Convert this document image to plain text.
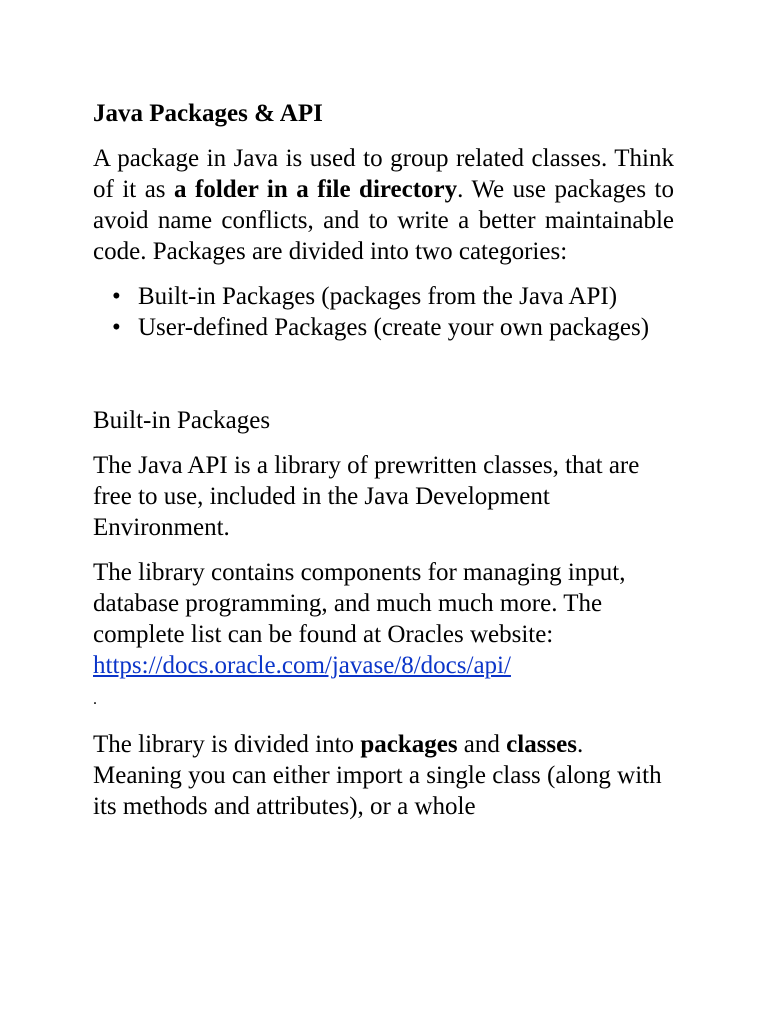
Java Packages & API

A package in Java is used to group related classes. Think of it as a folder in a file directory. We use packages to avoid name conflicts, and to write a better maintainable code. Packages are divided into two categories:

• Built-in Packages (packages from the Java API)
• User-defined Packages (create your own packages)
Built-in Packages

The Java API is a library of prewritten classes, that are free to use, included in the Java Development Environment.

The library contains components for managing input, database programming, and much much more. The complete list can be found at Oracles website: https://docs.oracle.com/javase/8/docs/api/
.

The library is divided into packages and classes. Meaning you can either import a single class (along with its methods and attributes), or a whole
